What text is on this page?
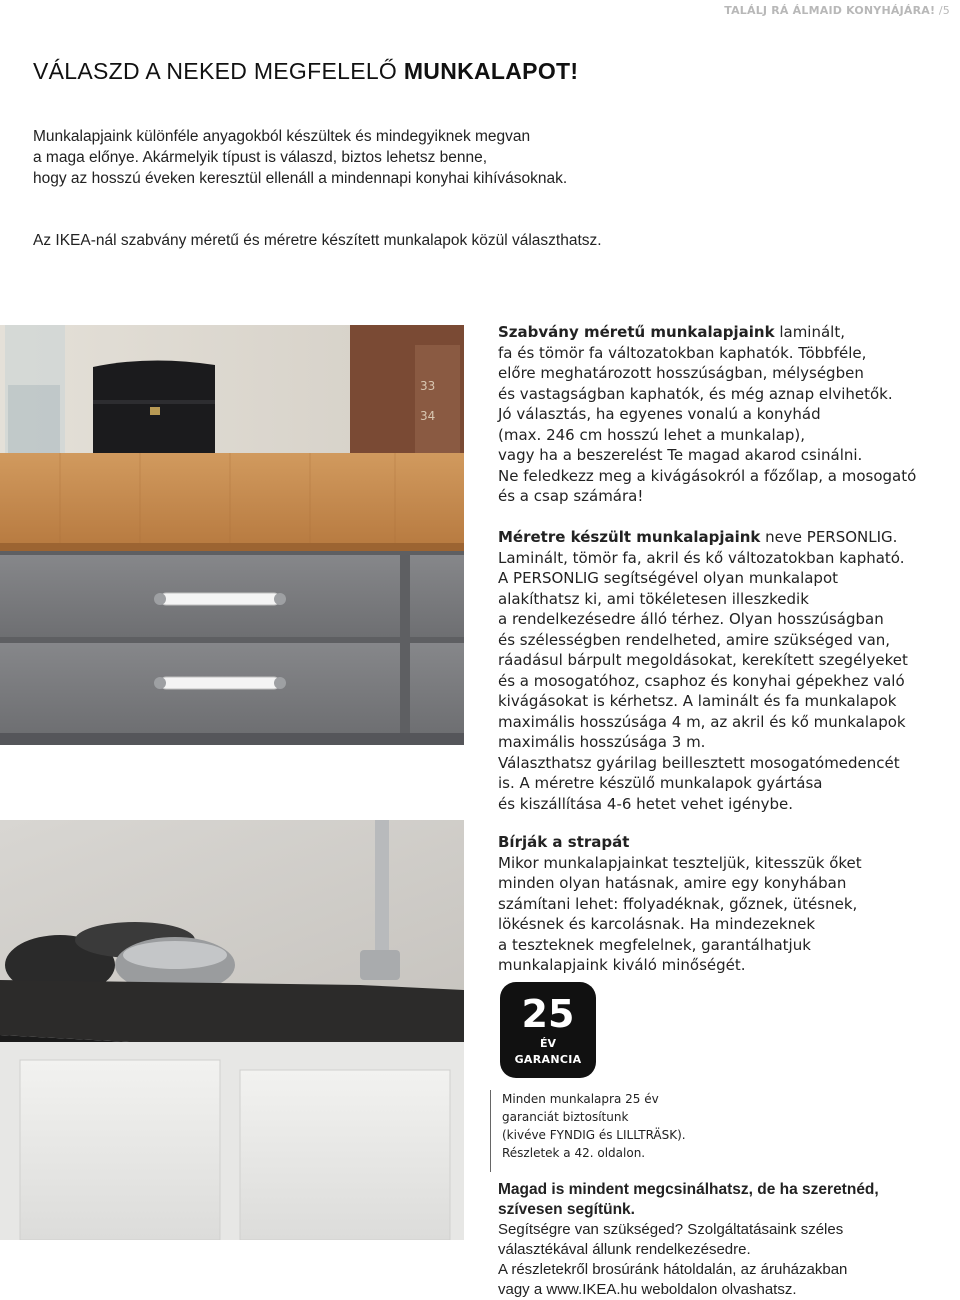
TALÁLJ RÁ ÁLMAID KONYHÁJÁRA! /5
VÁLASZD A NEKED MEGFELELŐ MUNKALAPOT!
Munkalapjaink különféle anyagokból készültek és mindegyiknek megvan
a maga előnye. Akármelyik típust is válaszd, biztos lehetsz benne,
hogy az hosszú éveken keresztül ellenáll a mindennapi konyhai kihívásoknak.

Az IKEA-nál szabvány méretű és méretre készített munkalapok közül választhatsz.

33
34
Szabvány méretű munkalapjaink laminált,
fa és tömör fa változatokban kaphatók. Többféle,
előre meghatározott hosszúságban, mélységben
és vastagságban kaphatók, és még aznap elvihetők.
Jó választás, ha egyenes vonalú a konyhád
(max. 246 cm hosszú lehet a munkalap),
vagy ha a beszerelést Te magad akarod csinálni.
Ne feledkezz meg a kivágásokról a főzőlap, a mosogató
és a csap számára!
Méretre készült munkalapjaink neve PERSONLIG.
Laminált, tömör fa, akril és kő változatokban kapható.
A PERSONLIG segítségével olyan munkalapot
alakíthatsz ki, ami tökéletesen illeszkedik
a rendelkezésedre álló térhez. Olyan hosszúságban
és szélességben rendelheted, amire szükséged van,
ráadásul bárpult megoldásokat, kerekített szegélyeket
és a mosogatóhoz, csaphoz és konyhai gépekhez való
kivágásokat is kérhetsz. A laminált és fa munkalapok
maximális hosszúsága 4 m, az akril és kő munkalapok
maximális hosszúsága 3 m.
Választhatsz gyárilag beillesztett mosogatómedencét
is. A méretre készülő munkalapok gyártása
és kiszállítása 4-6 hetet vehet igénybe.
Bírják a strapát
Mikor munkalapjainkat teszteljük, kitesszük őket
minden olyan hatásnak, amire egy konyhában
számítani lehet: ffolyadéknak, gőznek, ütésnek,
lökésnek és karcolásnak. Ha mindezeknek
a teszteknek megfelelnek, garantálhatjuk
munkalapjaink kiváló minőségét.
25
ÉV
GARANCIA
Minden munkalapra 25 év
garanciát biztosítunk
(kivéve FYNDIG és LILLTRÄSK).
Részletek a 42. oldalon.
Magad is mindent megcsinálhatsz, de ha szeretnéd,
szívesen segítünk.
Segítségre van szükséged? Szolgáltatásaink széles
választékával állunk rendelkezésedre.
A részletekről brosúránk hátoldalán, az áruházakban
vagy a www.IKEA.hu weboldalon olvashatsz.
